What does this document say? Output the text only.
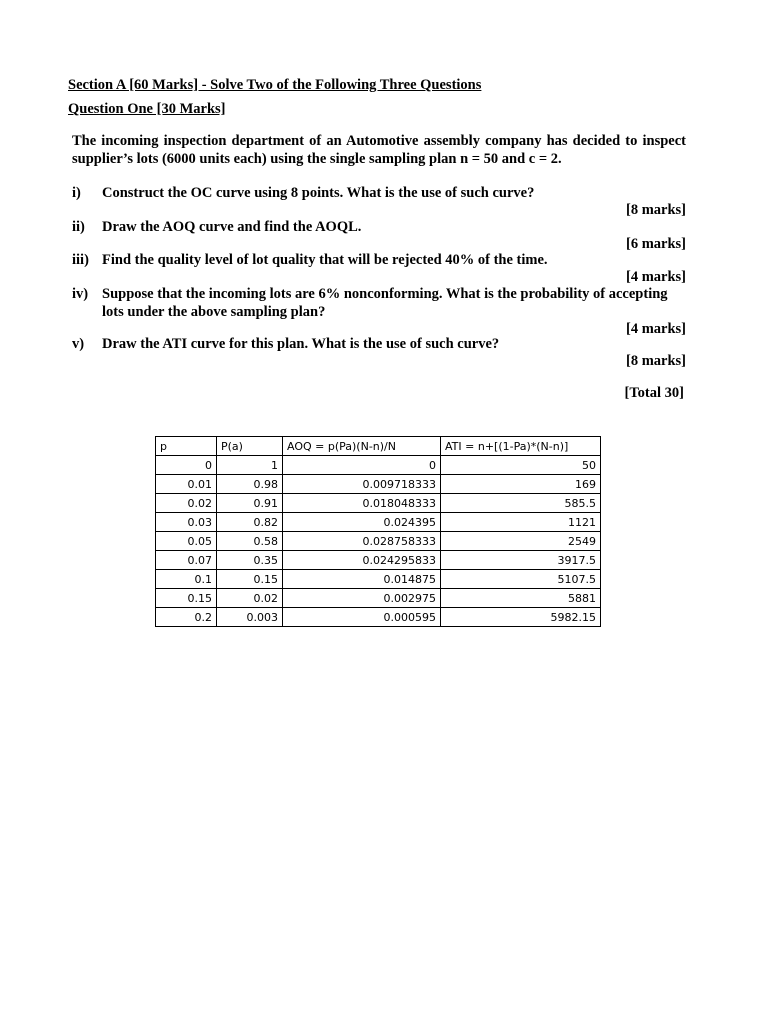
Section A [60 Marks] - Solve Two of the Following Three Questions
Question One [30 Marks]
The incoming inspection department of an Automotive assembly company has decided to inspect supplier’s lots (6000 units each) using the single sampling plan n = 50 and c = 2.
i) Construct the OC curve using 8 points. What is the use of such curve?
[8 marks]
ii) Draw the AOQ curve and find the AOQL.
[6 marks]
iii) Find the quality level of lot quality that will be rejected 40% of the time.
[4 marks]
iv) Suppose that the incoming lots are 6% nonconforming. What is the probability of accepting lots under the above sampling plan?
[4 marks]
v) Draw the ATI curve for this plan. What is the use of such curve?
[8 marks]
[Total 30]
p	P(a)	AOQ = p(Pa)(N-n)/N	ATI = n+[(1-Pa)*(N-n)]
0	1	0	50
0.01	0.98	0.009718333	169
0.02	0.91	0.018048333	585.5
0.03	0.82	0.024395	1121
0.05	0.58	0.028758333	2549
0.07	0.35	0.024295833	3917.5
0.1	0.15	0.014875	5107.5
0.15	0.02	0.002975	5881
0.2	0.003	0.000595	5982.15
